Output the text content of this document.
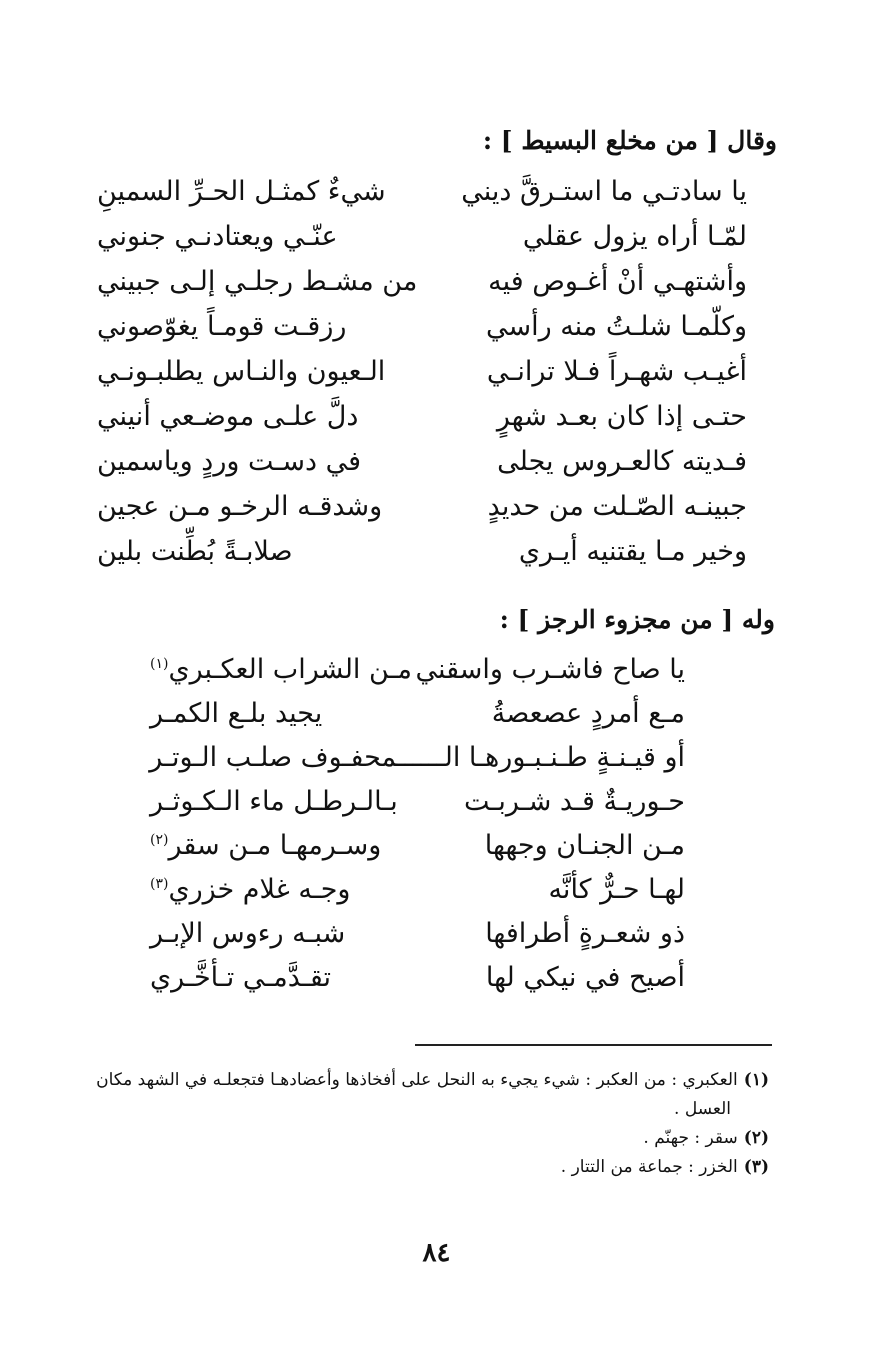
وقال [ من مخلع البسيط ] :
يا سادتـي ما استـرقَّ ديني
شيءٌ كمثـل الحـرِّ السمينِ
لمّـا أراه يزول عقلي
عنّـي ويعتادنـي جنوني
وأشتهـي أنْ أغـوص فيه
من مشـط رجلـي إلـى جبيني
وكلّمـا شلـتُ منه رأسي
رزقـت قومـاً يغوّصوني
أغيـب شهـراً فـلا ترانـي
الـعيون والنـاس يطلبـونـي
حتـى إذا كان بعـد شهرٍ
دلَّ علـى موضـعي أنيني
فـديته كالعـروس يجلى
في دسـت وردٍ وياسمين
جبينـه الصّـلت من حديدٍ
وشدقـه الرخـو مـن عجين
وخير مـا يقتنيه أيـري
صلابـةً بُطِّنت بلين
وله [ من مجزوء الرجز ] :
يا صاح فاشـرب واسقني
مـن الشراب العكـبري$^{(١)}$
مـع أمردٍ عصعصةُ
يجيد بلـع الكمـر
أو قيـنـةٍ طـنـبـورهـا الـــ
ـــمحفـوف صلـب الـوتـر
حـوريـةٌ قـد شـربـت
بـالـرطـل ماء الـكـوثـر
مـن الجنـان وجهها
وسـرمهـا مـن سقر$^{(٢)}$
لهـا حـرٌّ كأنَّه
وجـه غلام خزري$^{(٣)}$
ذو شعـرةٍ أطرافها
شبـه رءوس الإبـر
أصيح في نيكي لها
تقـدَّمـي تـأخَّـري
(١)العكبري : من العكبر : شيء يجيء به النحل على أفخاذها وأعضادهـا فتجعلـه في الشهد مكان
العسل .
(٢)سقر : جهنّم .
(٣)الخزر : جماعة من التتار .
٨٤
